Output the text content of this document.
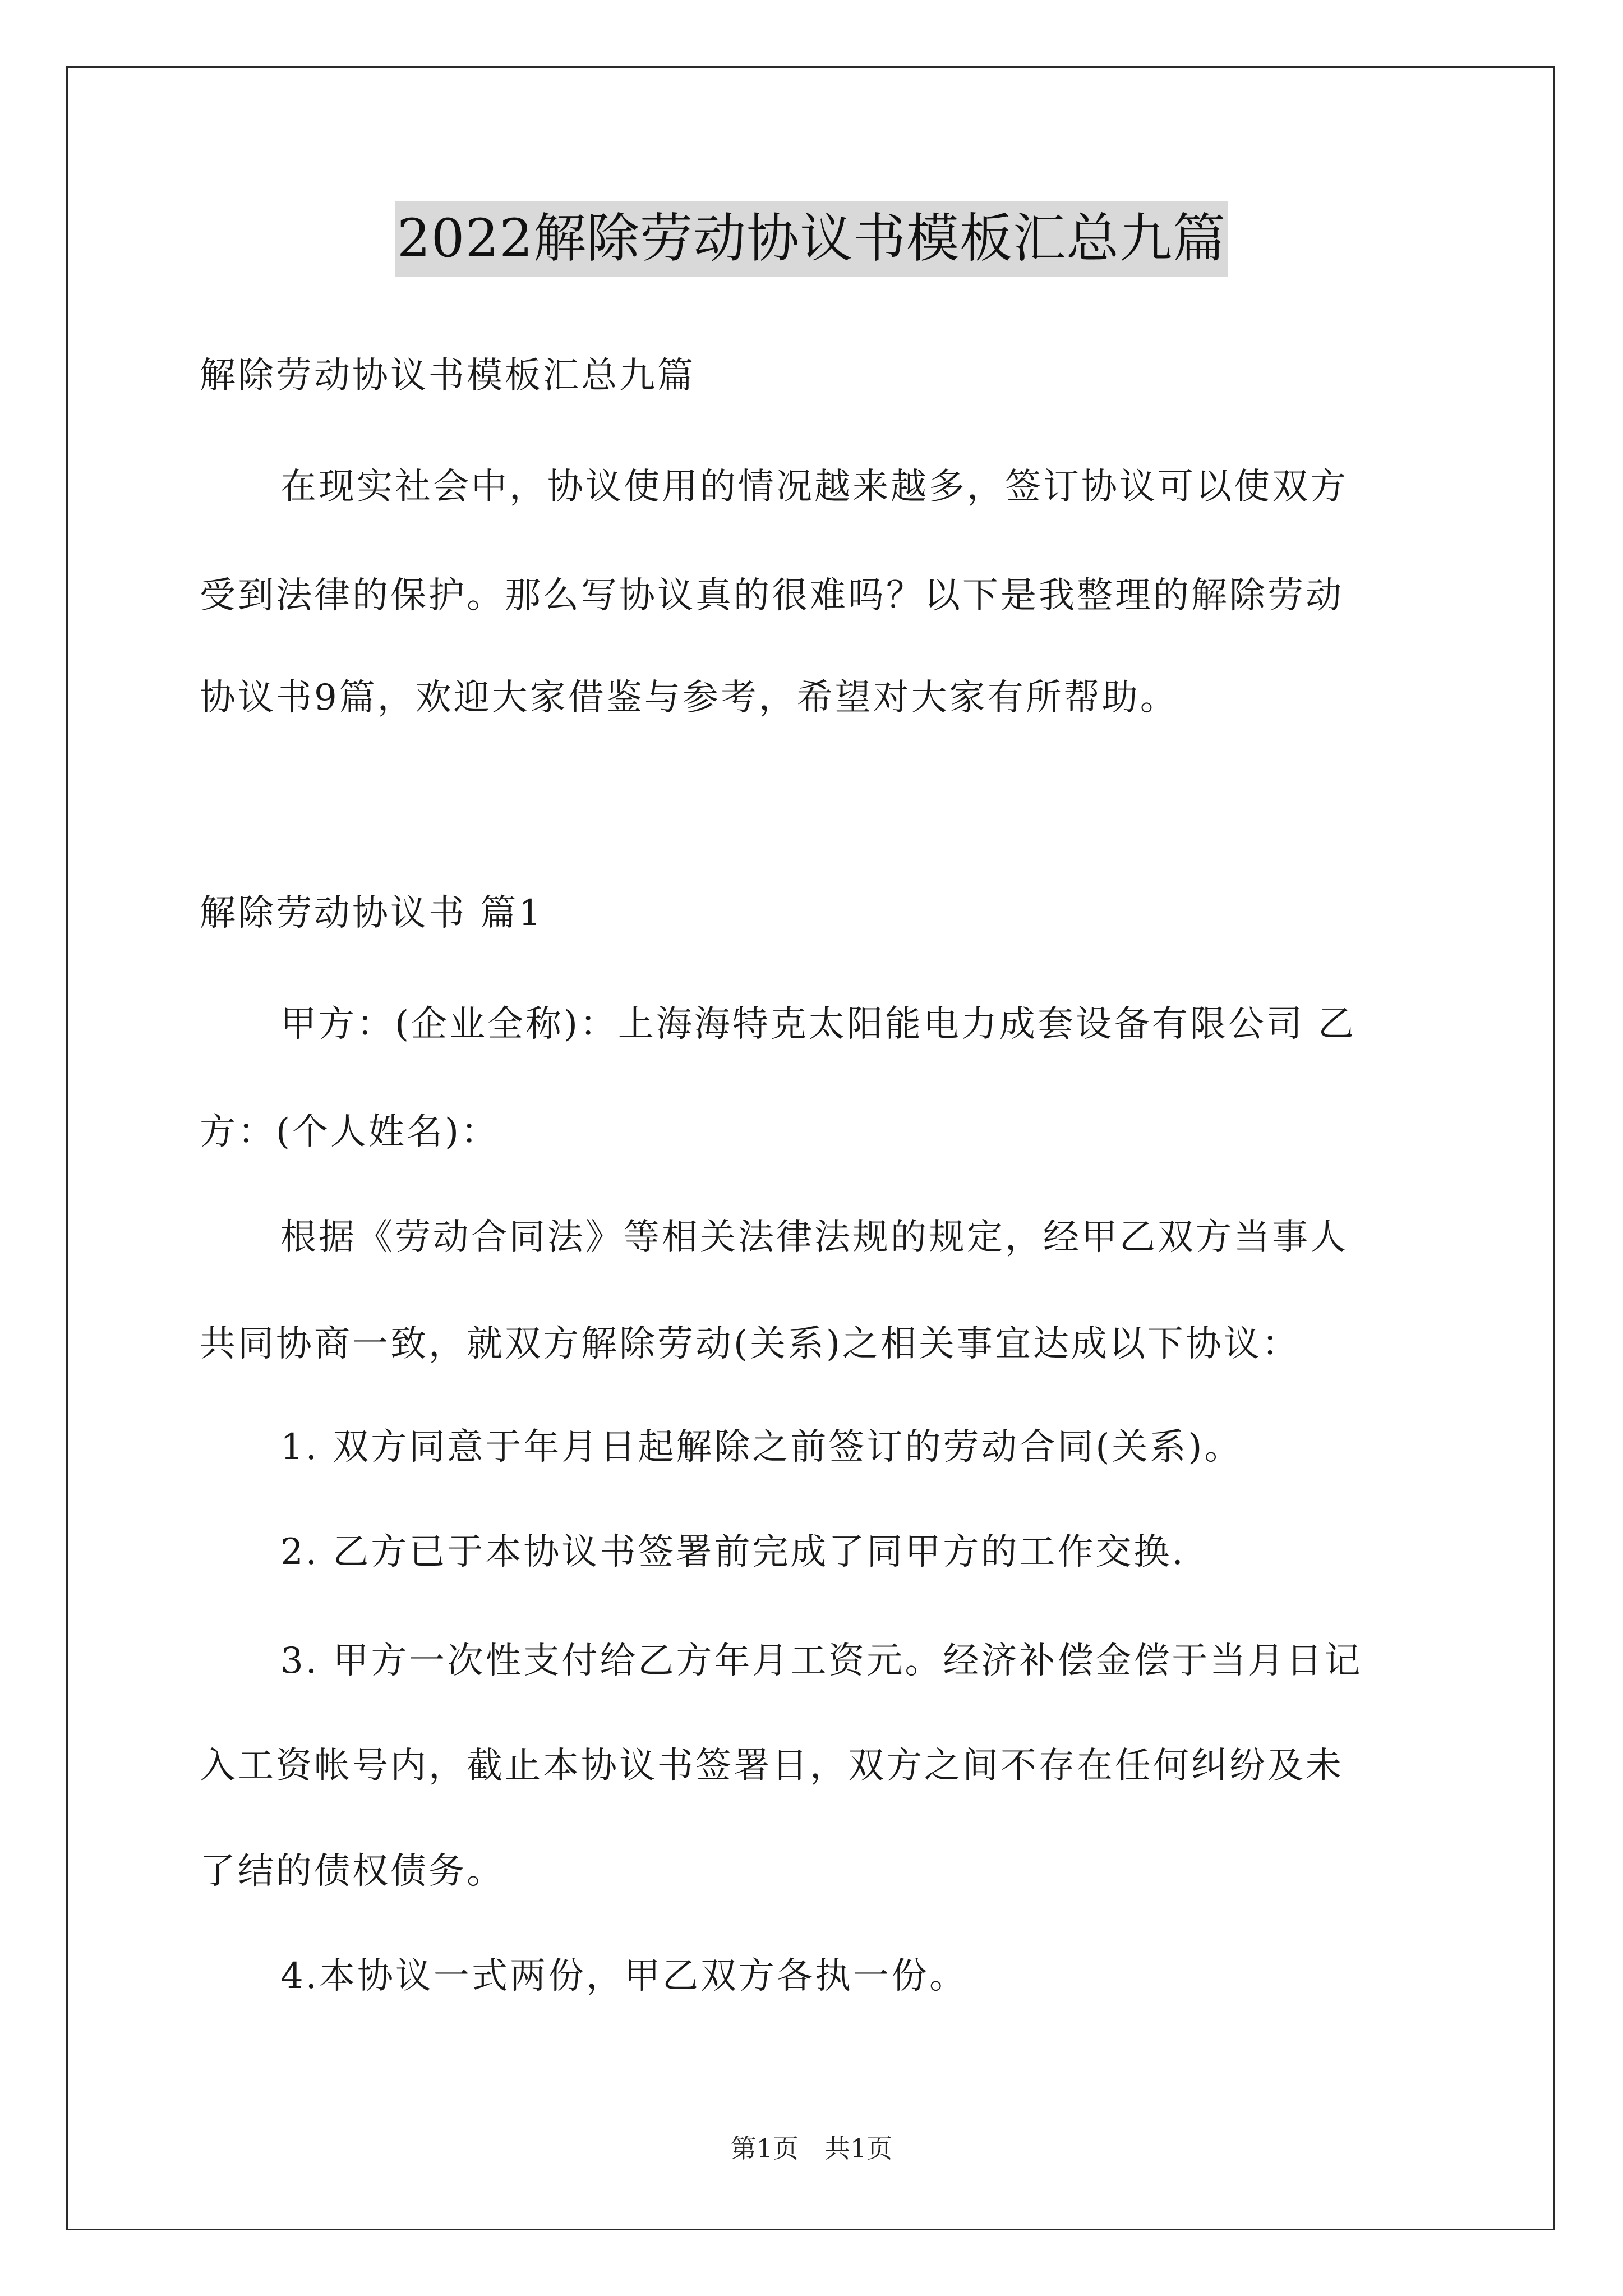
2022解除劳动协议书模板汇总九篇
解除劳动协议书模板汇总九篇
在现实社会中，协议使用的情况越来越多，签订协议可以使双方
受到法律的保护。那么写协议真的很难吗？以下是我整理的解除劳动
协议书9篇，欢迎大家借鉴与参考，希望对大家有所帮助。
解除劳动协议书 篇1
甲方：(企业全称)：上海海特克太阳能电力成套设备有限公司 乙
方：(个人姓名)：
根据《劳动合同法》等相关法律法规的规定，经甲乙双方当事人
共同协商一致，就双方解除劳动(关系)之相关事宜达成以下协议：
1. 双方同意于年月日起解除之前签订的劳动合同(关系)。
2. 乙方已于本协议书签署前完成了同甲方的工作交换.
3. 甲方一次性支付给乙方年月工资元。经济补偿金偿于当月日记
入工资帐号内，截止本协议书签署日，双方之间不存在任何纠纷及未
了结的债权债务。
4.本协议一式两份，甲乙双方各执一份。
第1页　共1页
